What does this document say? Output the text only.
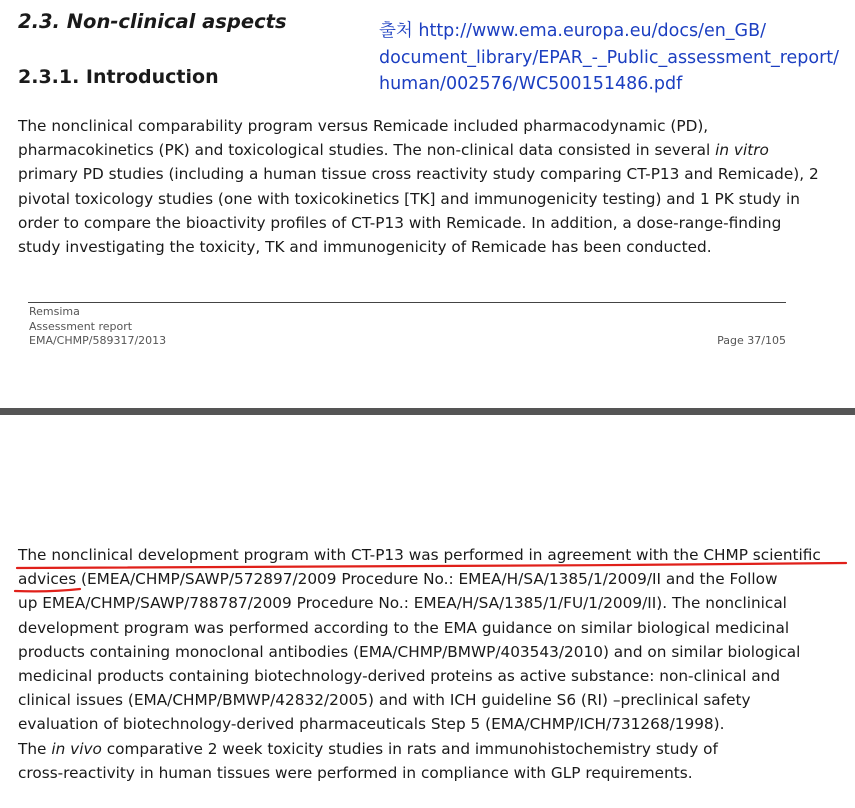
2.3. Non-clinical aspects
2.3.1. Introduction
출처 http://www.ema.europa.eu/docs/en_GB/
document_library/EPAR_-_Public_assessment_report/
human/002576/WC500151486.pdf
The nonclinical comparability program versus Remicade included pharmacodynamic (PD),
pharmacokinetics (PK) and toxicological studies. The non-clinical data consisted in several in vitro
primary PD studies (including a human tissue cross reactivity study comparing CT-P13 and Remicade), 2
pivotal toxicology studies (one with toxicokinetics [TK] and immunogenicity testing) and 1 PK study in
order to compare the bioactivity profiles of CT-P13 with Remicade. In addition, a dose-range-finding
study investigating the toxicity, TK and immunogenicity of Remicade has been conducted.
Remsima
Assessment report
EMA/CHMP/589317/2013	Page 37/105
The nonclinical development program with CT-P13 was performed in agreement with the CHMP scientific
advices (EMEA/CHMP/SAWP/572897/2009 Procedure No.: EMEA/H/SA/1385/1/2009/II and the Follow
up EMEA/CHMP/SAWP/788787/2009 Procedure No.: EMEA/H/SA/1385/1/FU/1/2009/II). The nonclinical
development program was performed according to the EMA guidance on similar biological medicinal
products containing monoclonal antibodies (EMA/CHMP/BMWP/403543/2010) and on similar biological
medicinal products containing biotechnology-derived proteins as active substance: non-clinical and
clinical issues (EMA/CHMP/BMWP/42832/2005) and with ICH guideline S6 (RI) –preclinical safety
evaluation of biotechnology-derived pharmaceuticals Step 5 (EMA/CHMP/ICH/731268/1998).
The in vivo comparative 2 week toxicity studies in rats and immunohistochemistry study of
cross-reactivity in human tissues were performed in compliance with GLP requirements.
